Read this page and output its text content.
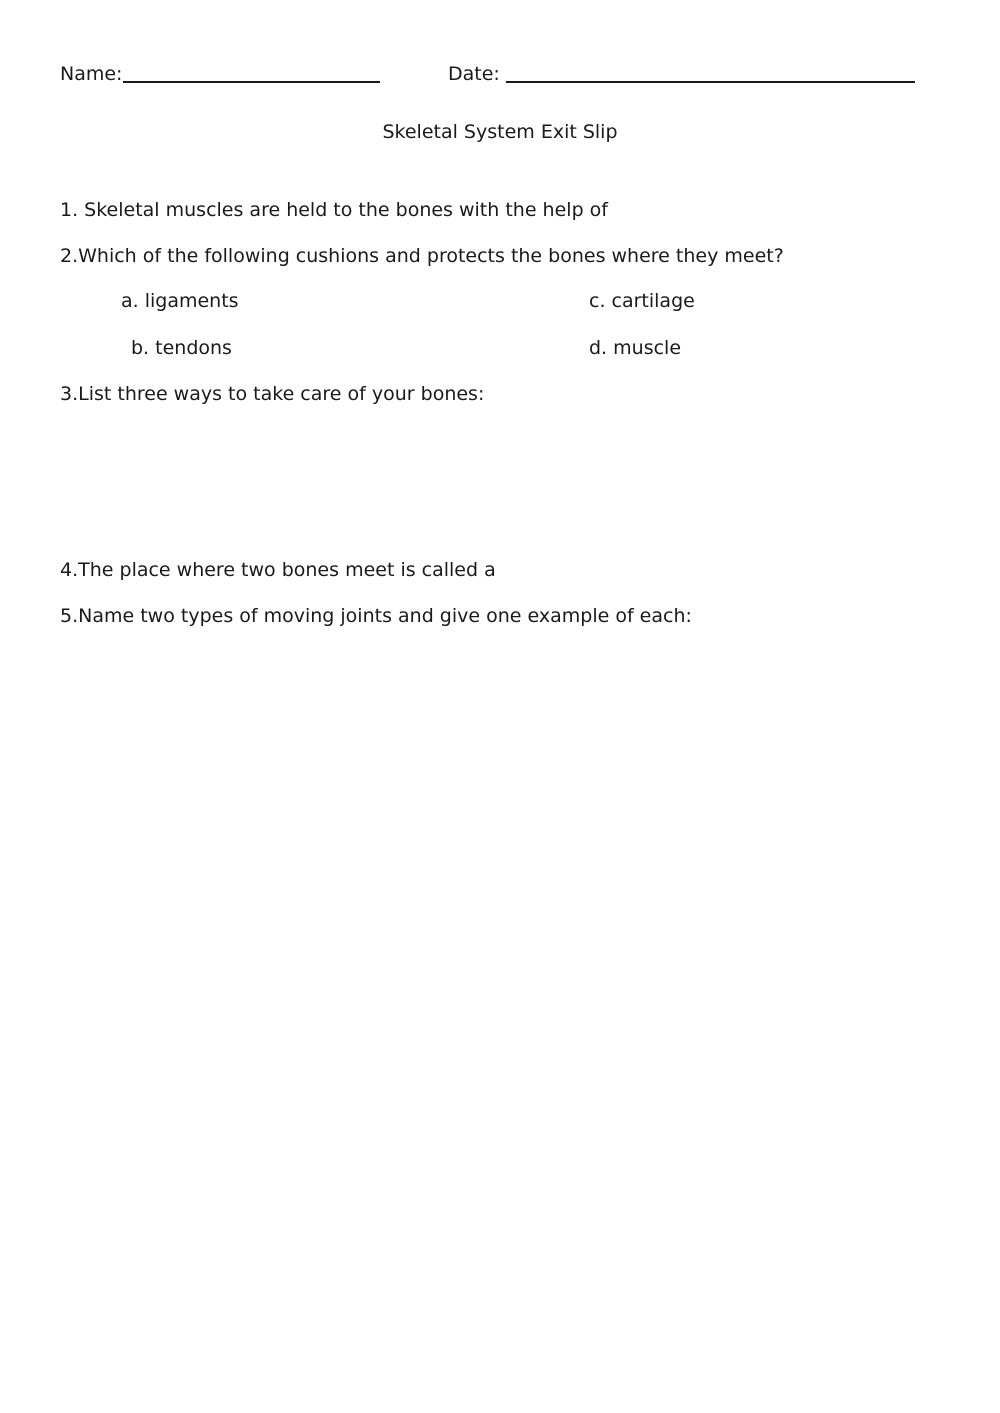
Name:	Date:
Skeletal System Exit Slip
1. Skeletal muscles are held to the bones with the help of
2.Which of the following cushions and protects the bones where they meet?
a. ligaments
b. tendons
c. cartilage
d. muscle
3.List three ways to take care of your bones:
4.The place where two bones meet is called a
5.Name two types of moving joints and give one example of each:
